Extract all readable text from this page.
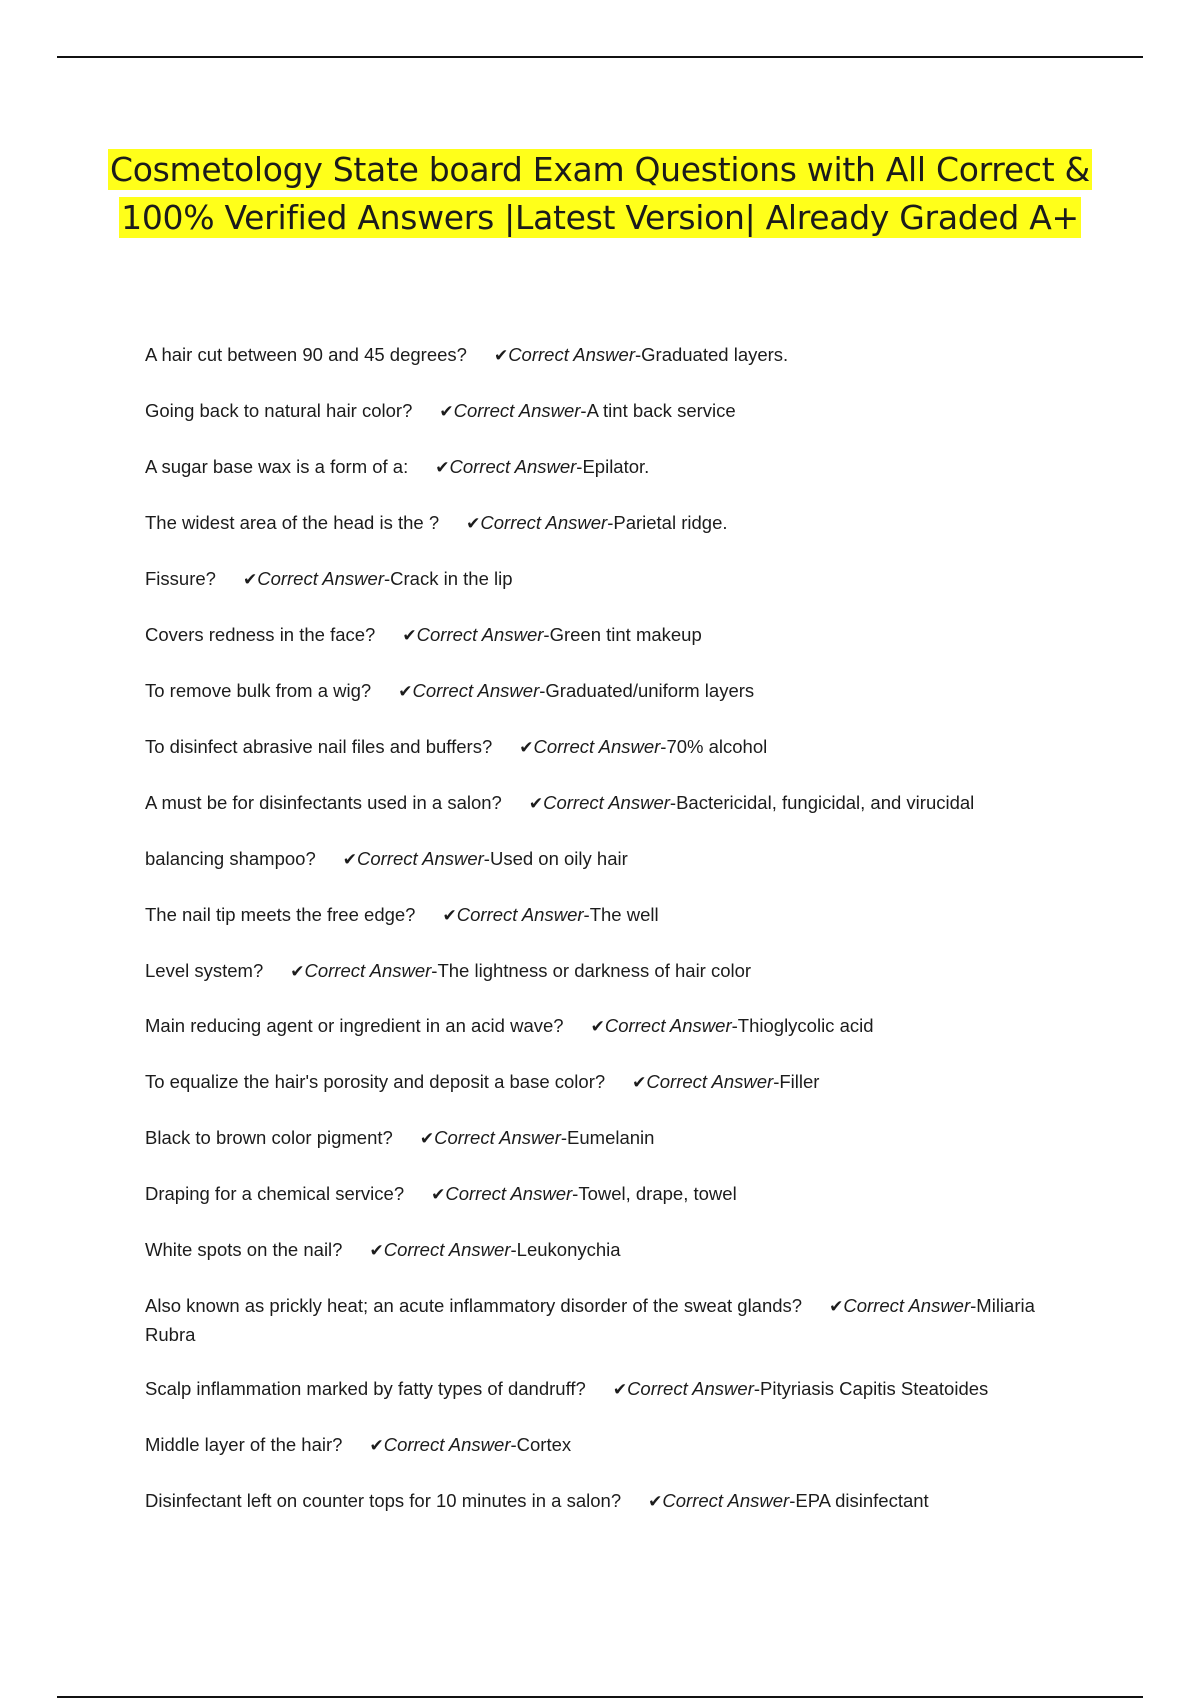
Cosmetology State board Exam Questions with All Correct & 100% Verified Answers |Latest Version| Already Graded A+
A hair cut between 90 and 45 degrees? ✔Correct Answer-Graduated layers.
Going back to natural hair color? ✔Correct Answer-A tint back service
A sugar base wax is a form of a: ✔Correct Answer-Epilator.
The widest area of the head is the ? ✔Correct Answer-Parietal ridge.
Fissure? ✔Correct Answer-Crack in the lip
Covers redness in the face? ✔Correct Answer-Green tint makeup
To remove bulk from a wig? ✔Correct Answer-Graduated/uniform layers
To disinfect abrasive nail files and buffers? ✔Correct Answer-70% alcohol
A must be for disinfectants used in a salon? ✔Correct Answer-Bactericidal, fungicidal, and virucidal
balancing shampoo? ✔Correct Answer-Used on oily hair
The nail tip meets the free edge? ✔Correct Answer-The well
Level system? ✔Correct Answer-The lightness or darkness of hair color
Main reducing agent or ingredient in an acid wave? ✔Correct Answer-Thioglycolic acid
To equalize the hair's porosity and deposit a base color? ✔Correct Answer-Filler
Black to brown color pigment? ✔Correct Answer-Eumelanin
Draping for a chemical service? ✔Correct Answer-Towel, drape, towel
White spots on the nail? ✔Correct Answer-Leukonychia
Also known as prickly heat; an acute inflammatory disorder of the sweat glands? ✔Correct Answer-Miliaria Rubra
Scalp inflammation marked by fatty types of dandruff? ✔Correct Answer-Pityriasis Capitis Steatoides
Middle layer of the hair? ✔Correct Answer-Cortex
Disinfectant left on counter tops for 10 minutes in a salon? ✔Correct Answer-EPA disinfectant
